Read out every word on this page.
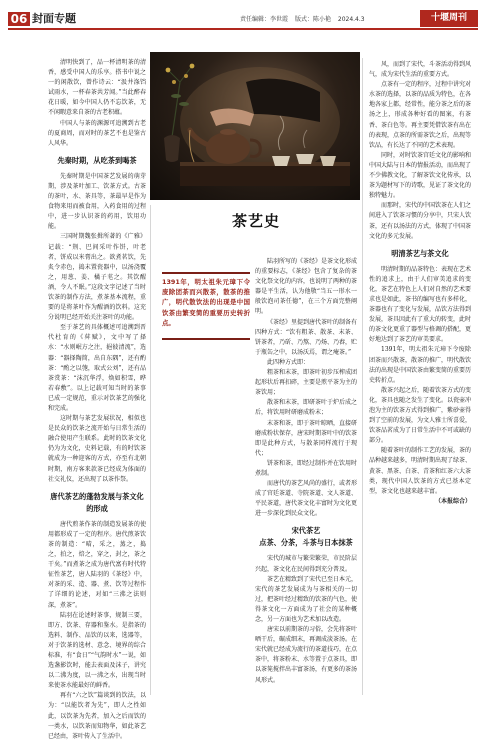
06 封面专题	责任编辑：李世霞 版式：陈小艳 2024.4.3	十堰周刊
茶艺史

1391年，明太祖朱元璋下令废除团茶而兴散茶，散茶的推广，明代散饮法的出现是中国饮茶由繁变简的重要历史转折点。

清明快到了，品一杯清明茶的清香，感受中国人的乐享。搭书中说之一的闲散饮，曾作诗云：“汲井涤铛试雨水，一杯春茶共芳闻。”当此醉春花日暖，如今中国人仍不忘饮茶，无不闲暇意来自茶的古老积蕴。

中国人与茶的渊源可追溯到古老的夏商周，而对时的茶艺不也是鉴古人风华。

先秦时期，从吃茶到喝茶

先秦时期是中国茶艺发展的萌芽期，涉及茶叶加工、饮茶方式。古茶的茶叶，水、茶具等，茶最早是作为食物来用而被食用，入药食用的过程中，进一步认识茶的药用，饮用功能。

三国时期魏张揖所著的《广雅》记载：“荆、巴间采叶作饼，叶老者，饼成以米膏出之。欲煮茗饮，先炙令赤色，捣末置瓷器中，以汤浇覆之，用葱、姜、橘子芼之。其饮醒酒，令人不眠。”这段文字记述了当时饮茶的制作方法，煮茶基本流程，重要的是将茶叶作为醒酒的饮料。这充分说明已经开始关注茶叶的功能。

至于茶艺的具体概述可追溯到晋代杜育的《荈赋》，文中写了择水：“水则岷方之注，挹彼清流”，选器：“器择陶简，出自东隅”，还有酌茶：“酌之以匏，取式公刘”，还有品茶赏茶：“沫沉华浮，焕如积雪，晔若春敷”。以上记载可知当时的茶事已成一定规范，重示对饮茶艺的强化和完成。

这时期与茶艺发展状况，相似也是民众的饮茶之流开始与日常生活的融合使用产生联系。此时的饮茶文化仍为为文化，史料记载，有的时饮茶就成为一种迎客的方式，亦至有北朝时期，南方客来款茶已经成为体面的社交礼仪，还出现了以茶作祭。

唐代茶艺的蓬勃发展与茶文化的形成

唐代煎茶作茶的制造发展茶的使用都形成了一定的程序。唐代煎茶饮茶的制造：“晴，采之，蒸之，捣之，拍之，焙之，穿之，封之，茶之干矣。”而煮茶之成为唐代富有时代特征性茶艺，唐人陆羽的《茶经》中，对茶的采、造、器、煮、饮等过程作了详细的论述，对如“三沸之法则深，煮茶”。

陆羽在论述时茶事，规制三要，即方、饮茶、存器和鉴水。是指茶的选料、制作、品饮的以来，选器等，对于饮茶的选材、意念、境界的综合标准，有“食日”“气韵时水”一说，如选盏影饮时，能去表面及沫子，讲究以二沸为度，以一沸之水，出现当时来使茶水能最好的鲜香。

再有“六之饮”篇谈到的饮法，以为：“以能饮者为先”，即人之性如此，以饮茶为先者，加入之后而饮的一类水，以饮茶而知物华，如此茶艺已经由，茶叶传入了生活中。

陆羽所写的《茶经》是茶文化形成的重要标志，《茶经》包含了复杂的茶文化祭文化的内容，也说明了两种的茶器是平生活，认为他敬“当五一形水一般饮泡司茶任德”，在三个方面完整阐明。

《茶经》里提到唐代茶叶的制备有四种方式：“饮有粗茶、散茶、末茶、饼茶者，乃斫、乃熬、乃炀、乃舂，贮于瓶缶之中，以汤沃焉，谓之痷茶。”

此四种方式即：

粗茶和末茶，即茶叶初步压榨成团起形状后再扣碎，主要是煎平茶为主的茶饮用；

散茶和末茶，即研茶叶于炉后成之后，将饮用时研磨成粉末；

末茶和茶，即于茶叶晾晒，直接研磨成粉状保存，唐宋时期茶叶中的饮茶即是此种方式，与散茶同样流行于现代；

饼茶和茶，即经过制作并在饮用时煮制。

而唐代的茶艺风尚的盛行，或者形成了官廷茶道、寺院茶道、文人茶道、平民茶道，唐代茶文化丰富时为文化更进一步深化到民众文化。

宋代茶艺
点茶、分茶，斗茶与日本抹茶

宋代的城市与繁荣繁荣，市民阶层兴起，茶文化在民间得到充分普及。

茶艺在精致到了宋代已至日本元，宋代的茶艺发展成为与茶相关的一切过，把茶叶经过精致的饮茶的气色，使得茶文化一方面成为了社会的某种概念，另一方面也为艺术加以改造。

唐宋以前期茶的习俗，会先将茶叶晒干后，碾成细末，再调成淡茶汤。在宋代就已经成为流行的茶道技巧，在点茶中，将茶粉末、水等置于点茶具，即以茶筅搅拌出丰富茶汤，有更多的茶汤风形式。

风，而到了宋代，斗茶活动得到风气，成为宋代生活的重要方式。

点茶有一定的程序，过程中讲究对水茶的选择，以茶的品质为特色，在各地各家上都，经常性，能分茶之后的茶汤之上，形成各种好看的图案，有茶香、茶白色等。再主要凭借饮茶有出在的表现，点茶的所需茶饮之后，出现等饮品，有长达了不同的艺术表现。

同时，对时饮茶宫廷文化的影响和中国大陆与日本的情报活动，而出现了不少佛教文化，了解茶饮文化传承，以茶为题材写下的诗歌，见证了茶文化的独特魅力。

而那时，宋代的中国饮茶在人们之间进入了饮茶习惯的分享中，只宋人饮茶，还有以汤法的方式，体现了中国茶文化的多元发展。

明清茶艺与茶文化

明清时期的品茶特色：表现在艺术性的追求上，由于人们审美追求的变化，茶艺在特色上人们对自然的艺术要求也是如此，茶书的编写也有多样化，茶器也有了变化与发展，品饮方法得到发展，茶具因此有了重大的转变，此时的茶文化更重了器型与格调的搭配，更好地达到了茶艺的审美要求。

1391年，明太祖朱元璋下令废除团茶而兴散茶，散茶的推广，明代散饮法的出现是中国饮茶由繁变简的重要历史转折点。

散茶兴起之后，随着饮茶方式的变化，茶具也随之发生了变化。以瓷壶冲泡为主的饮茶方式得到推广，紫砂壶得到了空前的发展，为文人雅士所喜爱，饮茶品茗成为了日常生活中不可或缺的部分。

随着茶叶的制作工艺的发展，茶的品种越来越多，明清时期出现了绿茶、黄茶、黑茶、白茶、青茶和红茶六大茶类，现代中国人饮茶的方式已基本定型，茶文化也越来越丰富。

（本报综合）
